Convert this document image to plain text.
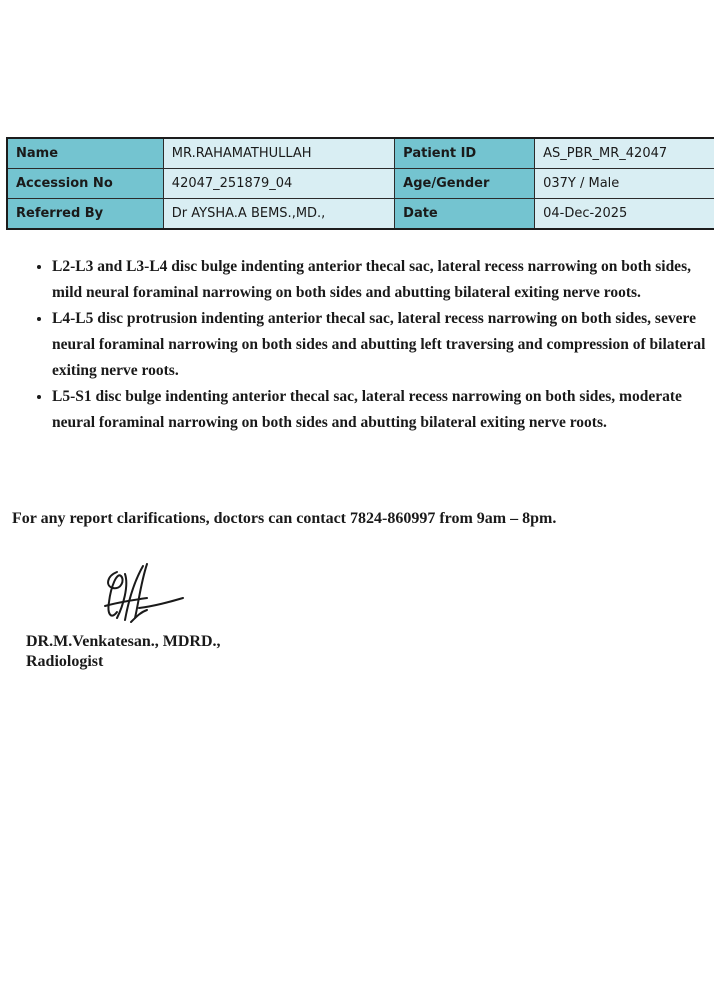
Name	MR.RAHAMATHULLAH	Patient ID	AS_PBR_MR_42047
Accession No	42047_251879_04	Age/Gender	037Y / Male
Referred By	Dr AYSHA.A BEMS.,MD.,	Date	04-Dec-2025
• L2-L3 and L3-L4 disc bulge indenting anterior thecal sac, lateral recess narrowing on both sides, mild neural foraminal narrowing on both sides and abutting bilateral exiting nerve roots.
• L4-L5 disc protrusion indenting anterior thecal sac, lateral recess narrowing on both sides, severe neural foraminal narrowing on both sides and abutting left traversing and compression of bilateral exiting nerve roots.
• L5-S1 disc bulge indenting anterior thecal sac, lateral recess narrowing on both sides, moderate neural foraminal narrowing on both sides and abutting bilateral exiting nerve roots.
For any report clarifications, doctors can contact 7824-860997 from 9am – 8pm.
DR.M.Venkatesan., MDRD.,
Radiologist
